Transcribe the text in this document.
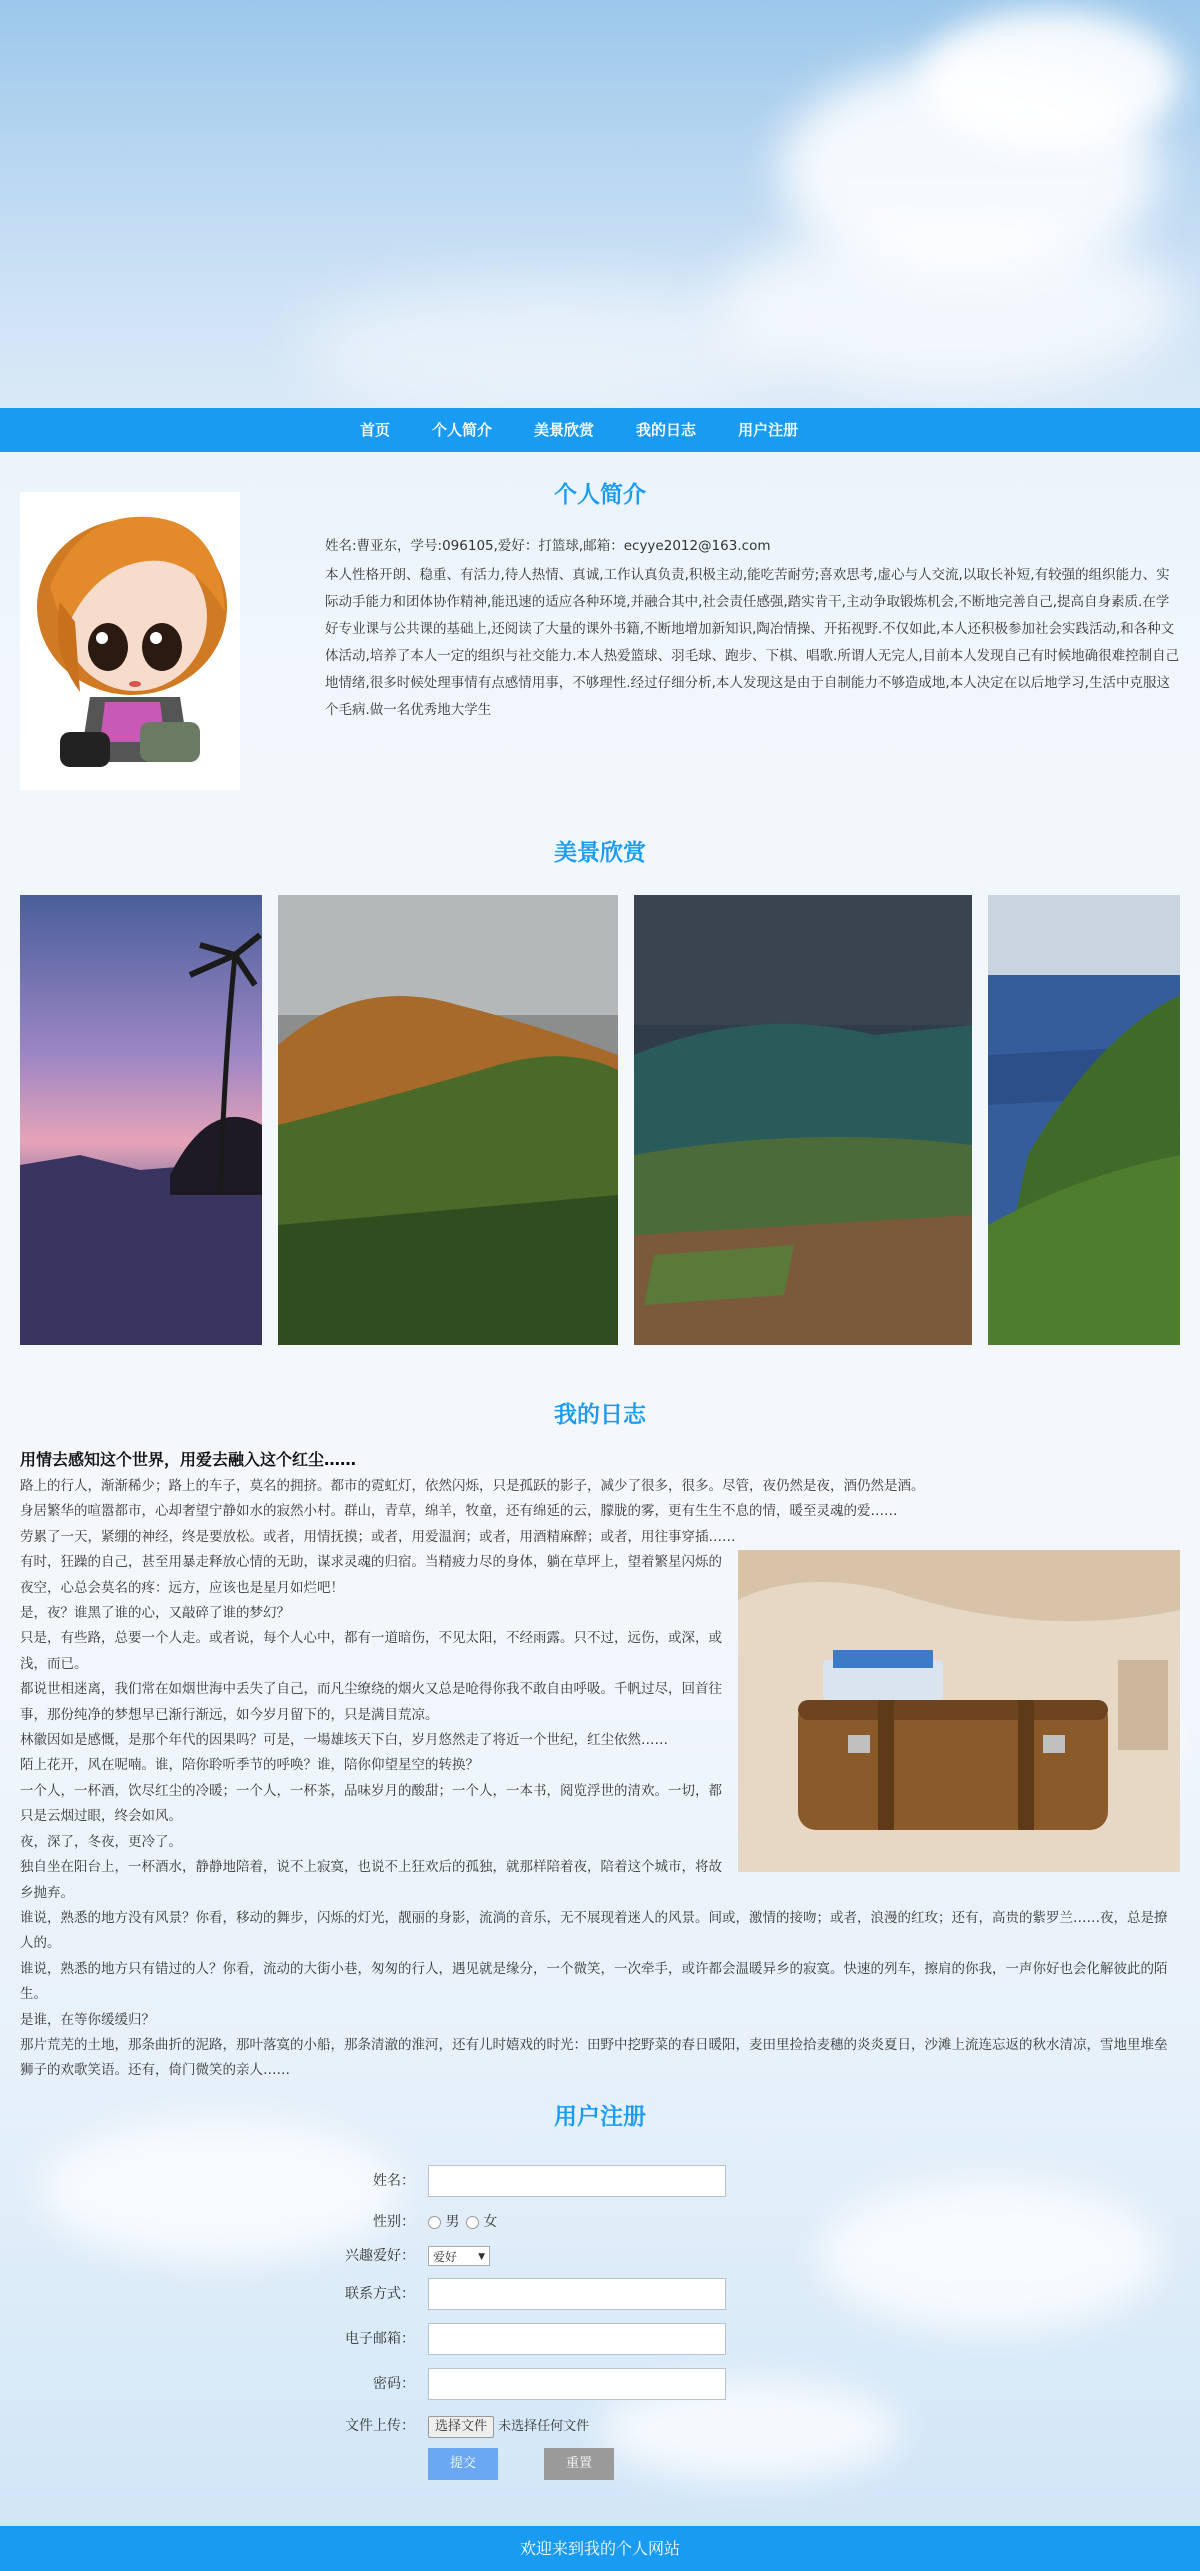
首页	个人简介	美景欣赏	我的日志	用户注册
个人简介

姓名:曹亚东，学号:096105,爱好：打篮球,邮箱：ecyye2012@163.com

本人性格开朗、稳重、有活力,待人热情、真诚,工作认真负责,积极主动,能吃苦耐劳;喜欢思考,虚心与人交流,以取长补短,有较强的组织能力、实际动手能力和团体协作精神,能迅速的适应各种环境,并融合其中,社会责任感强,踏实肯干,主动争取锻炼机会,不断地完善自己,提高自身素质.在学好专业课与公共课的基础上,还阅读了大量的课外书籍,不断地增加新知识,陶冶情操、开拓视野.不仅如此,本人还积极参加社会实践活动,和各种文体活动,培养了本人一定的组织与社交能力.本人热爱篮球、羽毛球、跑步、下棋、唱歌.所谓人无完人,目前本人发现自己有时候地确很难控制自己地情绪,很多时候处理事情有点感情用事，不够理性.经过仔细分析,本人发现这是由于自制能力不够造成地,本人决定在以后地学习,生活中克服这个毛病.做一名优秀地大学生

美景欣赏
我的日志
用情去感知这个世界，用爱去融入这个红尘……

路上的行人，渐渐稀少；路上的车子，莫名的拥挤。都市的霓虹灯，依然闪烁，只是孤跃的影子，减少了很多，很多。尽管，夜仍然是夜，酒仍然是酒。

身居繁华的喧嚣都市，心却奢望宁静如水的寂然小村。群山，青草，绵羊，牧童，还有绵延的云，朦胧的雾，更有生生不息的情，暖至灵魂的爱……

劳累了一天，紧绷的神经，终是要放松。或者，用情抚摸；或者，用爱温润；或者，用酒精麻醉；或者，用往事穿插……

有时，狂躁的自己，甚至用暴走释放心情的无助，谋求灵魂的归宿。当精疲力尽的身体，躺在草坪上，望着繁星闪烁的夜空，心总会莫名的疼：远方，应该也是星月如烂吧！

是，夜？谁黑了谁的心，又敲碎了谁的梦幻？

只是，有些路，总要一个人走。或者说，每个人心中，都有一道暗伤，不见太阳，不经雨露。只不过，远伤，或深，或浅，而已。

都说世相迷离，我们常在如烟世海中丢失了自己，而凡尘缭绕的烟火又总是呛得你我不敢自由呼吸。千帆过尽，回首往事，那份纯净的梦想早已渐行渐远，如今岁月留下的，只是满目荒凉。

林徽因如是感慨，是那个年代的因果吗？可是，一場雄垓天下白，岁月悠然走了将近一个世纪，红尘依然……

陌上花开，风在呢喃。谁，陪你聆听季节的呼唤？谁，陪你仰望星空的转换？

一个人，一杯酒，饮尽红尘的冷暖；一个人，一杯茶，品味岁月的酸甜；一个人，一本书，阅览浮世的清欢。一切，都只是云烟过眼，终会如风。

夜，深了，冬夜，更冷了。

独自坐在阳台上，一杯酒水，静静地陪着，说不上寂寞，也说不上狂欢后的孤独，就那样陪着夜，陪着这个城市，将故乡抛弃。

谁说，熟悉的地方没有风景？你看，移动的舞步，闪烁的灯光，靓丽的身影，流淌的音乐，无不展现着迷人的风景。间或，激情的接吻；或者，浪漫的红玫；还有，高贵的紫罗兰……夜，总是撩人的。

谁说，熟悉的地方只有错过的人？你看，流动的大街小巷，匆匆的行人，遇见就是缘分，一个微笑，一次牵手，或许都会温暖异乡的寂寞。快速的列车，擦肩的你我，一声你好也会化解彼此的陌生。

是谁，在等你缓缓归？

那片荒芜的土地，那条曲折的泥路，那叶落寞的小船，那条清澈的淮河，还有儿时嬉戏的时光：田野中挖野菜的春日暖阳，麦田里捡拾麦穗的炎炎夏日，沙滩上流连忘返的秋水清凉，雪地里堆垒狮子的欢歌笑语。还有，倚门微笑的亲人……

用户注册
姓名：
性别：	男 女
兴趣爱好：	爱好 ▼
联系方式：
电子邮箱：
密码：
文件上传：	选择文件 未选择任何文件
提交	重置
欢迎来到我的个人网站
